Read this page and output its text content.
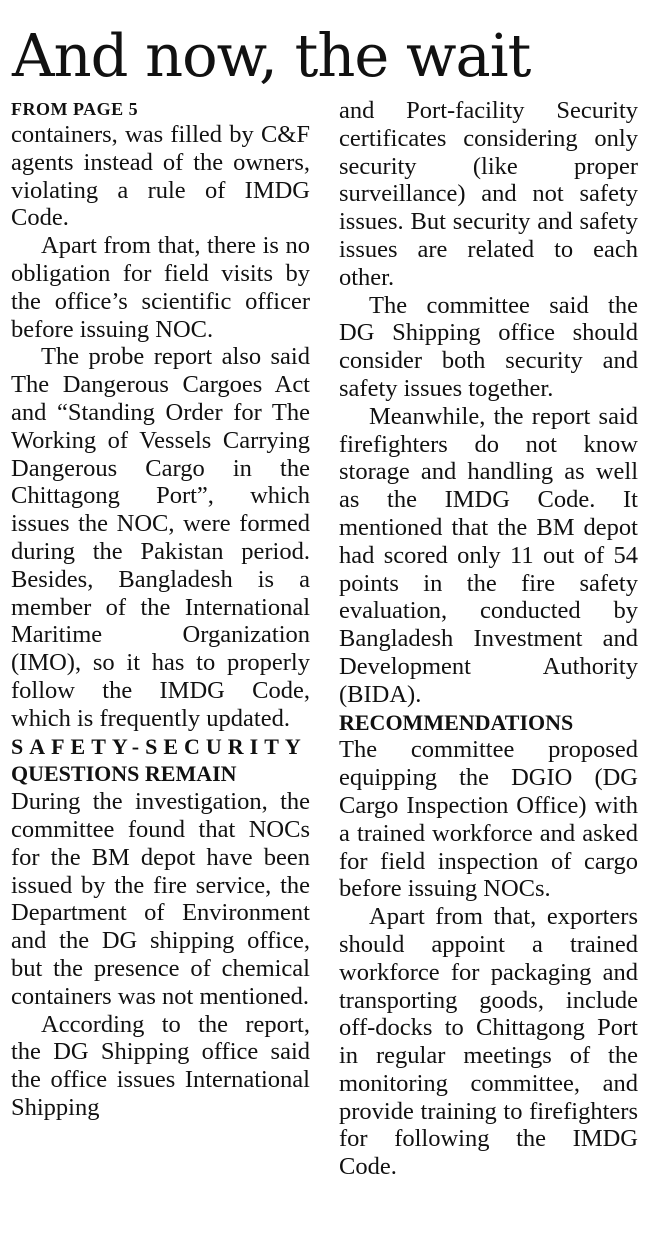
And now, the wait
FROM PAGE 5

containers, was filled by C&F agents instead of the owners, violating a rule of IMDG Code.

Apart from that, there is no obligation for field visits by the office’s scientific officer before issuing NOC.

The probe report also said The Dangerous Cargoes Act and “Standing Order for The Working of Vessels Carrying Dangerous Cargo in the Chittagong Port”, which issues the NOC, were formed during the Pakistan period. Besides, Bangladesh is a member of the International Maritime Organization (IMO), so it has to properly follow the IMDG Code, which is frequently updated.

SAFETY-SECURITY
QUESTIONS REMAIN

During the investigation, the committee found that NOCs for the BM depot have been issued by the fire service, the Department of Environment and the DG shipping office, but the presence of chemical containers was not mentioned.

According to the report, the DG Shipping office said the office issues International Shipping

and Port-facility Security certificates considering only security (like proper surveillance) and not safety issues. But security and safety issues are related to each other.

The committee said the DG Shipping office should consider both security and safety issues together.

Meanwhile, the report said firefighters do not know storage and handling as well as the IMDG Code. It mentioned that the BM depot had scored only 11 out of 54 points in the fire safety evaluation, conducted by Bangladesh Investment and Development Authority (BIDA).

RECOMMENDATIONS

The committee proposed equipping the DGIO (DG Cargo Inspection Office) with a trained workforce and asked for field inspection of cargo before issuing NOCs.

Apart from that, exporters should appoint a trained workforce for packaging and transporting goods, include off-docks to Chittagong Port in regular meetings of the monitoring committee, and provide training to firefighters for following the IMDG Code.
